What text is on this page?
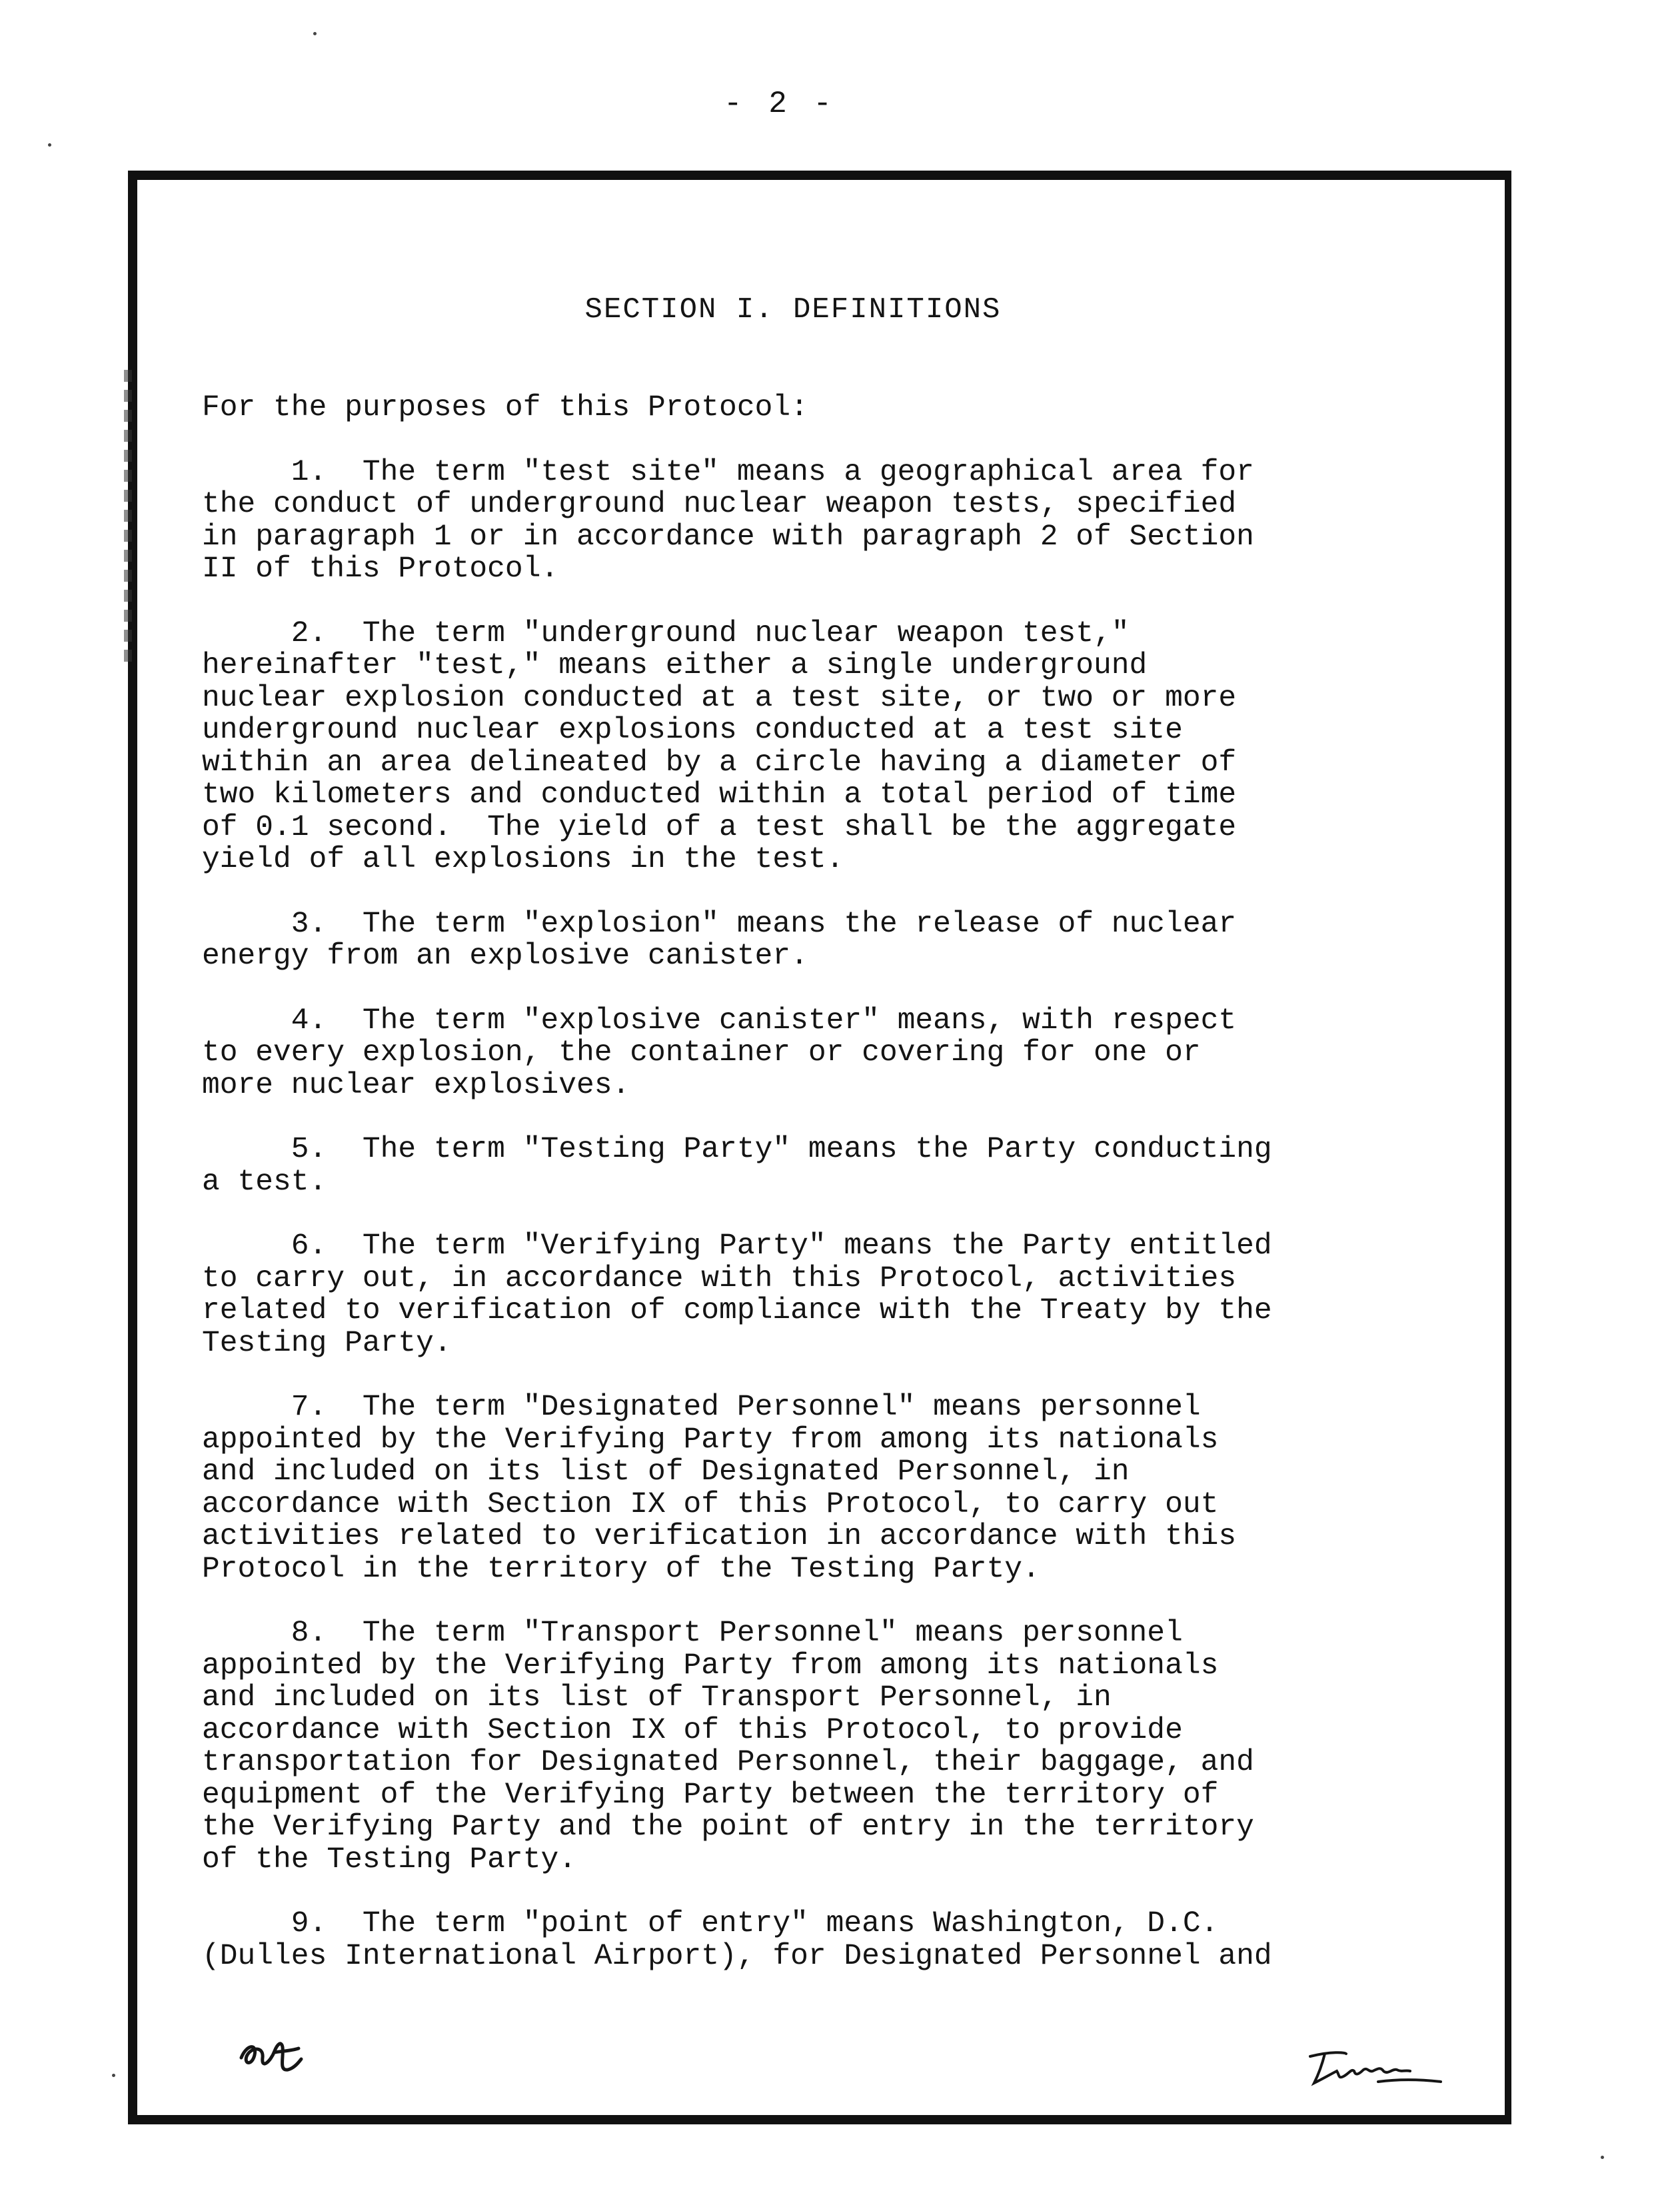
- 2 -
SECTION I. DEFINITIONS
For the purposes of this Protocol:
1.  The term "test site" means a geographical area for
the conduct of underground nuclear weapon tests, specified
in paragraph 1 or in accordance with paragraph 2 of Section
II of this Protocol.
2.  The term "underground nuclear weapon test,"
hereinafter "test," means either a single underground
nuclear explosion conducted at a test site, or two or more
underground nuclear explosions conducted at a test site
within an area delineated by a circle having a diameter of
two kilometers and conducted within a total period of time
of 0.1 second.  The yield of a test shall be the aggregate
yield of all explosions in the test.
3.  The term "explosion" means the release of nuclear
energy from an explosive canister.
4.  The term "explosive canister" means, with respect
to every explosion, the container or covering for one or
more nuclear explosives.
5.  The term "Testing Party" means the Party conducting
a test.
6.  The term "Verifying Party" means the Party entitled
to carry out, in accordance with this Protocol, activities
related to verification of compliance with the Treaty by the
Testing Party.
7.  The term "Designated Personnel" means personnel
appointed by the Verifying Party from among its nationals
and included on its list of Designated Personnel, in
accordance with Section IX of this Protocol, to carry out
activities related to verification in accordance with this
Protocol in the territory of the Testing Party.
8.  The term "Transport Personnel" means personnel
appointed by the Verifying Party from among its nationals
and included on its list of Transport Personnel, in
accordance with Section IX of this Protocol, to provide
transportation for Designated Personnel, their baggage, and
equipment of the Verifying Party between the territory of
the Verifying Party and the point of entry in the territory
of the Testing Party.
9.  The term "point of entry" means Washington, D.C.
(Dulles International Airport), for Designated Personnel and
